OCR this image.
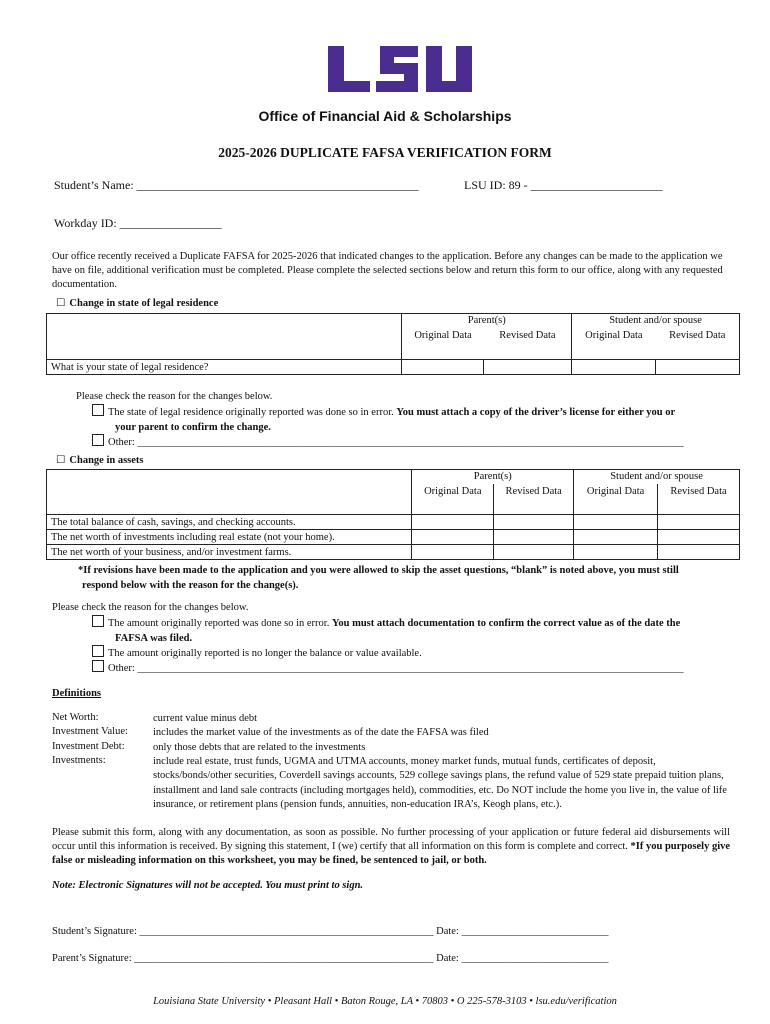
Office of Financial Aid & Scholarships
2025-2026 DUPLICATE FAFSA VERIFICATION FORM
Student’s Name: _______________________________________________	LSU ID: 89 - ______________________
Workday ID: _________________
Our office recently received a Duplicate FAFSA for 2025-2026 that indicated changes to the application. Before any changes can be made to the application we have on file, additional verification must be completed. Please complete the selected sections below and return this form to our office, along with any requested documentation.
☐ Change in state of legal residence
	Parent(s)		Student and/or spouse	
	Original Data	Revised Data	Original Data	Revised Data

What is your state of legal residence?				
Please check the reason for the changes below.
The state of legal residence originally reported was done so in error. You must attach a copy of the driver’s license for either you or
your parent to confirm the change.
Other: ________________________________________________________________________________________________________
☐ Change in assets
	Parent(s)		Student and/or spouse	
	Original Data	Revised Data	Original Data	Revised Data

The total balance of cash, savings, and checking accounts.				
The net worth of investments including real estate (not your home).				
The net worth of your business, and/or investment farms.				
*If revisions have been made to the application and you were allowed to skip the asset questions, “blank” is noted above, you must still
respond below with the reason for the change(s).
Please check the reason for the changes below.
The amount originally reported was done so in error. You must attach documentation to confirm the correct value as of the date the
FAFSA was filed.
The amount originally reported is no longer the balance or value available.
Other: ________________________________________________________________________________________________________
Definitions
Net Worth:	current value minus debt
Investment Value: includes the market value of the investments as of the date the FAFSA was filed
Investment Debt:	only those debts that are related to the investments
Investments:	include real estate, trust funds, UGMA and UTMA accounts, money market funds, mutual funds, certificates of deposit, stocks/bonds/other securities, Coverdell savings accounts, 529 college savings plans, the refund value of 529 state prepaid tuition plans, installment and land sale contracts (including mortgages held), commodities, etc. Do NOT include the home you live in, the value of life insurance, or retirement plans (pension funds, annuities, non-education IRA’s, Keogh plans, etc.).
Please submit this form, along with any documentation, as soon as possible. No further processing of your application or future federal aid disbursements will occur until this information is received. By signing this statement, I (we) certify that all information on this form is complete and correct. *If you purposely give false or misleading information on this worksheet, you may be fined, be sentenced to jail, or both.
Note: Electronic Signatures will not be accepted. You must print to sign.
Student’s Signature: ________________________________________________________ Date: ____________________________
Parent’s Signature: _________________________________________________________ Date: ____________________________
Louisiana State University • Pleasant Hall • Baton Rouge, LA • 70803 • O 225-578-3103 • lsu.edu/verification
